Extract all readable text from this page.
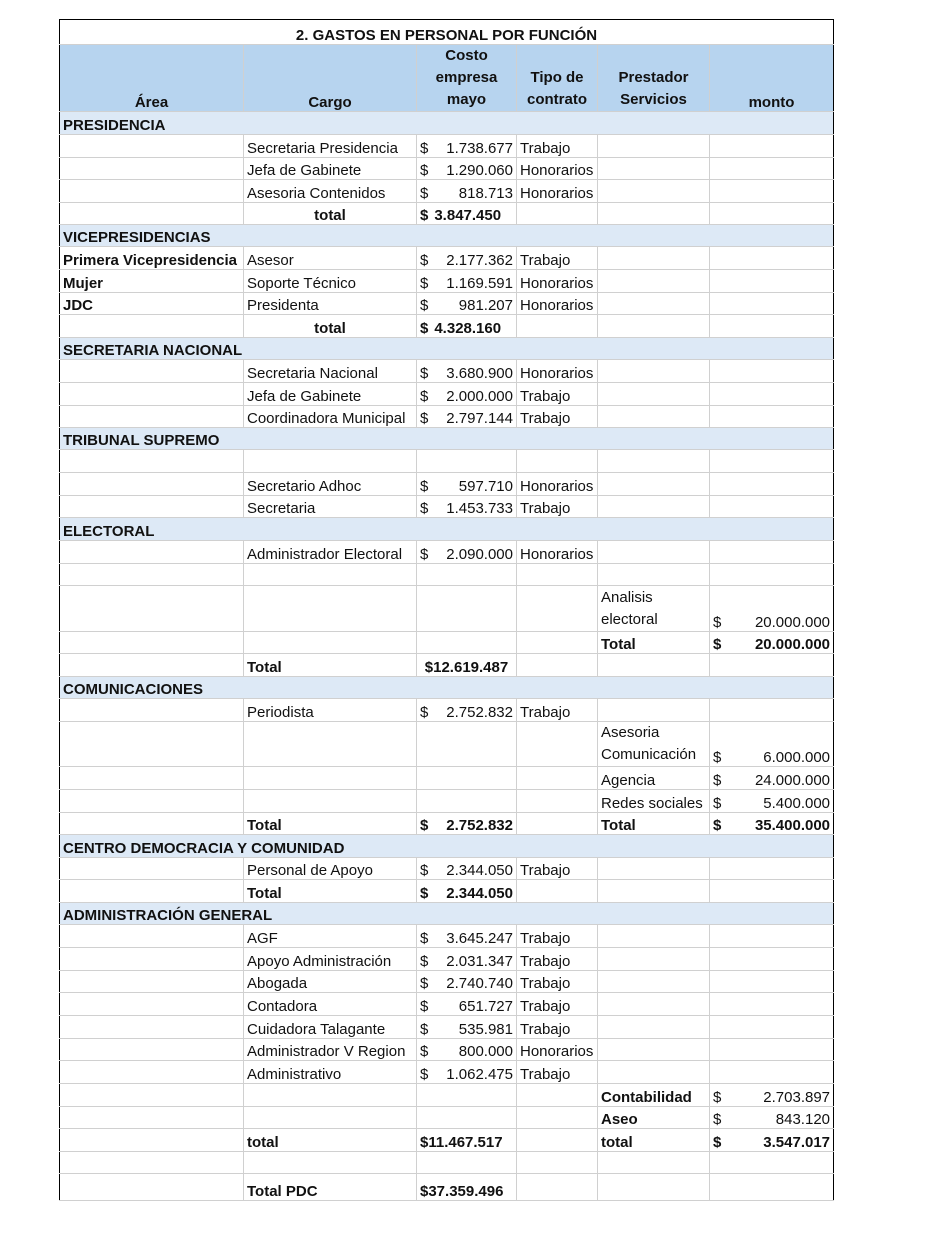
2. GASTOS EN PERSONAL POR FUNCIÓN					
Área	Cargo	Costo empresa mayo	Tipo de contrato	Prestador Servicios	monto
PRESIDENCIA					
	Secretaria Presidencia	$ 1.738.677	Trabajo		
	Jefa de Gabinete	$ 1.290.060	Honorarios		
	Asesoria Contenidos	$ 818.713	Honorarios		
	total	$ 3.847.450			

VICEPRESIDENCIAS					
Primera Vicepresidencia	Asesor	$ 2.177.362	Trabajo		
Mujer	Soporte Técnico	$ 1.169.591	Honorarios		
JDC	Presidenta	$ 981.207	Honorarios		
	total	$ 4.328.160			

SECRETARIA NACIONAL					
	Secretaria Nacional	$ 3.680.900	Honorarios		
	Jefa de Gabinete	$ 2.000.000	Trabajo		
	Coordinadora Municipal	$ 2.797.144	Trabajo		
TRIBUNAL SUPREMO					

	Secretario Adhoc	$ 597.710	Honorarios		
	Secretaria	$ 1.453.733	Trabajo		
ELECTORAL					
	Administrador Electoral	$ 2.090.000	Honorarios		

				Analisis electoral	$ 20.000.000

				Total	$ 20.000.000

	Total	$12.619.487			
COMUNICACIONES					
	Periodista	$ 2.752.832	Trabajo		
				Asesoria Comunicación	$ 6.000.000

				Agencia	$ 24.000.000

				Redes sociales	$ 5.400.000

	Total	$ 2.752.832		Total	$ 35.400.000

CENTRO DEMOCRACIA Y COMUNIDAD					
	Personal de Apoyo	$ 2.344.050	Trabajo		
	Total	$ 2.344.050			

ADMINISTRACIÓN GENERAL					
	AGF	$ 3.645.247	Trabajo		
	Apoyo Administración	$ 2.031.347	Trabajo		
	Abogada	$ 2.740.740	Trabajo		
	Contadora	$ 651.727	Trabajo		
	Cuidadora Talagante	$ 535.981	Trabajo		
	Administrador V Region	$ 800.000	Honorarios		
	Administrativo	$ 1.062.475	Trabajo		
				Contabilidad	$ 2.703.897

				Aseo	$ 843.120

	total	$11.467.517		total	$ 3.547.017

	Total PDC	$37.359.496			
